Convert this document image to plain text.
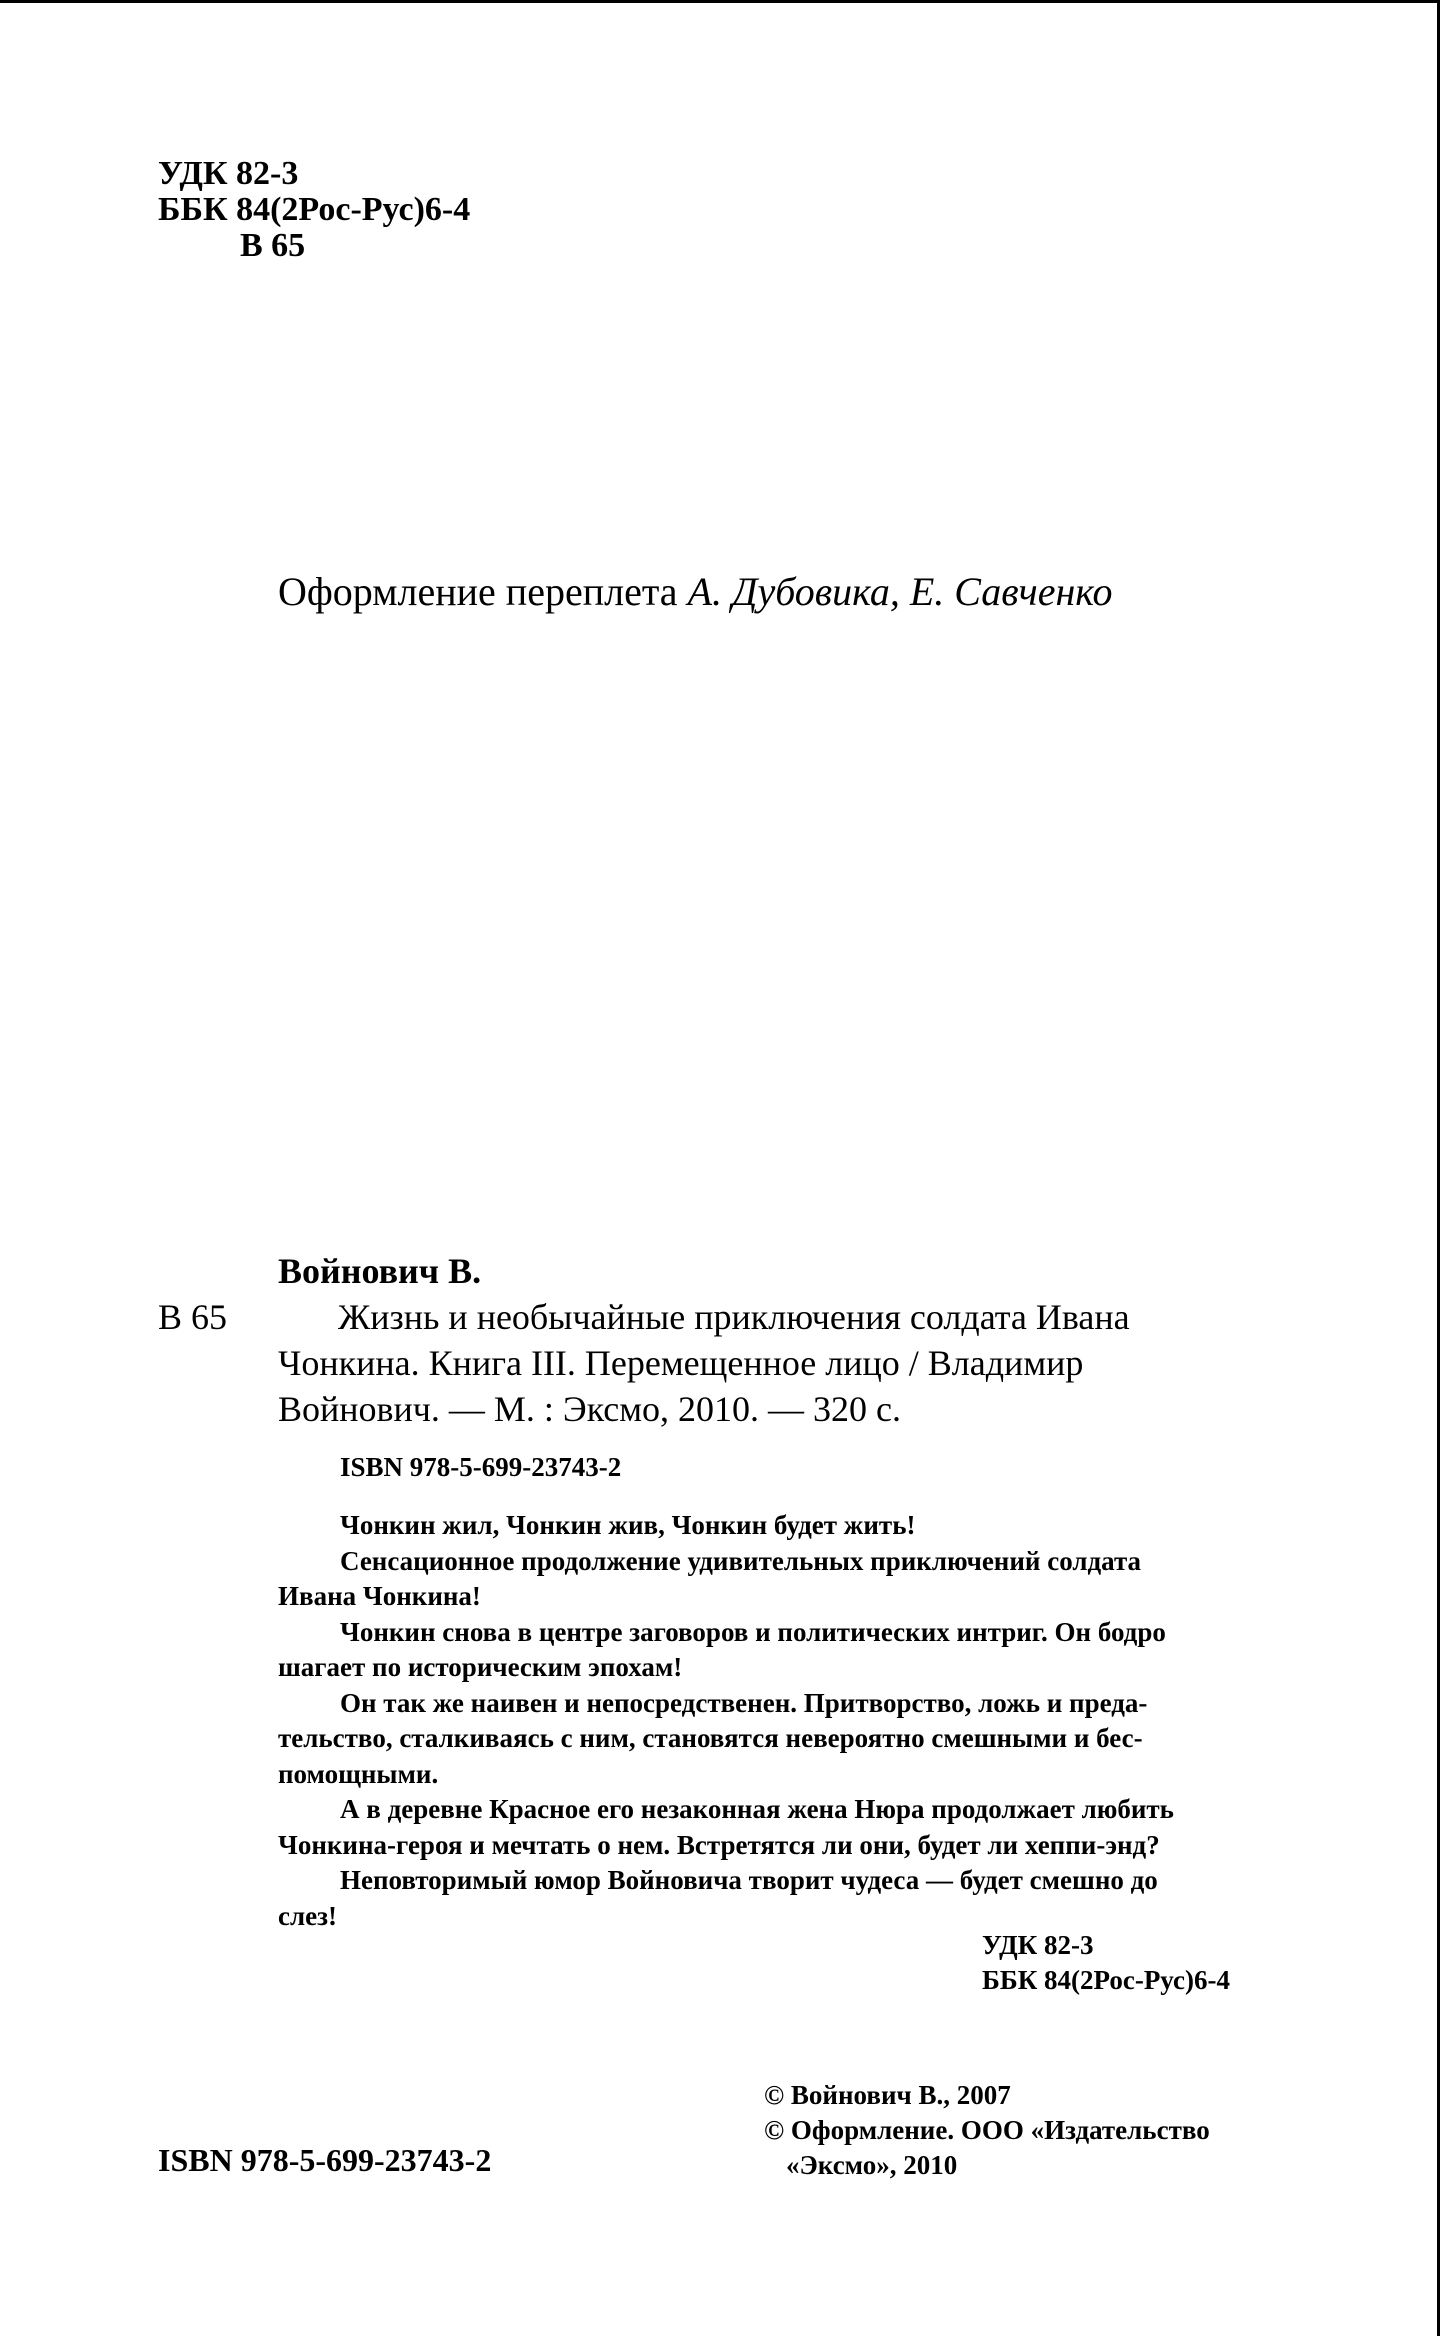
УДК 82-3
ББК 84(2Рос-Рус)6-4
В 65
Оформление переплета А. Дубовика, Е. Савченко
Войнович В.
В 65	Жизнь и необычайные приключения солдата Ивана
Чонкина. Книга III. Перемещенное лицо / Владимир
Войнович. — М. : Эксмо, 2010. — 320 с.
ISBN 978-5-699-23743-2
Чонкин жил, Чонкин жив, Чонкин будет жить!
Сенсационное продолжение удивительных приключений солдата
Ивана Чонкина!
Чонкин снова в центре заговоров и политических интриг. Он бодро
шагает по историческим эпохам!
Он так же наивен и непосредственен. Притворство, ложь и преда-
тельство, сталкиваясь с ним, становятся невероятно смешными и бес-
помощными.
А в деревне Красное его незаконная жена Нюра продолжает любить
Чонкина-героя и мечтать о нем. Встретятся ли они, будет ли хеппи-энд?
Неповторимый юмор Войновича творит чудеса — будет смешно до
слез!
УДК 82-3
ББК 84(2Рос-Рус)6-4
ISBN 978-5-699-23743-2
© Войнович В., 2007
© Оформление. ООО «Издательство
«Эксмо», 2010
